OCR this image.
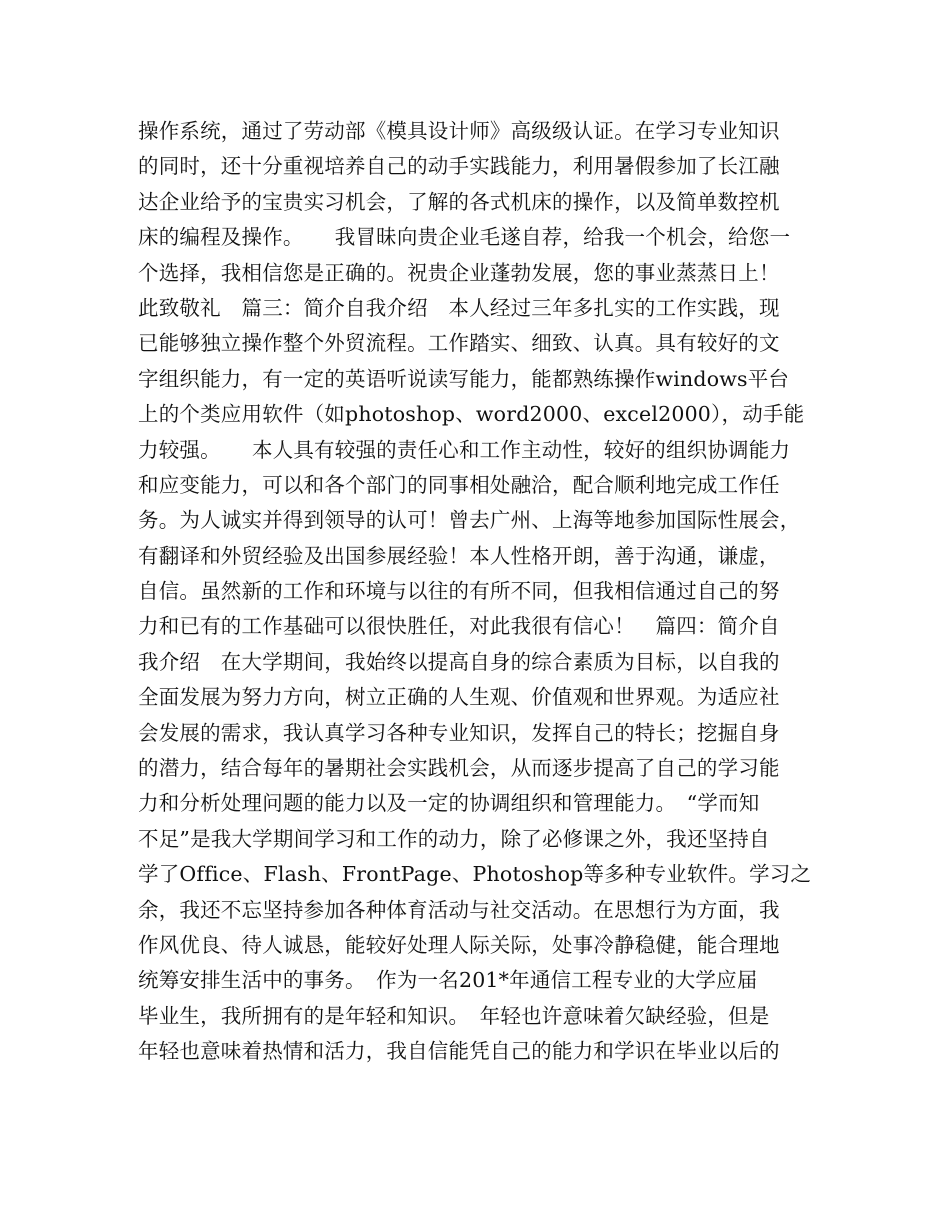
操作系统，通过了劳动部《模具设计师》高级级认证。在学习专业知识
的同时，还十分重视培养自己的动手实践能力，利用暑假参加了长江融
达企业给予的宝贵实习机会，了解的各式机床的操作，以及简单数控机
床的编程及操作。　　我冒昧向贵企业毛遂自荐，给我一个机会，给您一
个选择，我相信您是正确的。祝贵企业蓬勃发展，您的事业蒸蒸日上！
此致敬礼　篇三：简介自我介绍　本人经过三年多扎实的工作实践，现
已能够独立操作整个外贸流程。工作踏实、细致、认真。具有较好的文
字组织能力，有一定的英语听说读写能力，能都熟练操作windows平台
上的个类应用软件（如photoshop、word2000、excel2000），动手能
力较强。　　本人具有较强的责任心和工作主动性，较好的组织协调能力
和应变能力，可以和各个部门的同事相处融洽，配合顺利地完成工作任
务。为人诚实并得到领导的认可！曾去广州、上海等地参加国际性展会，
有翻译和外贸经验及出国参展经验！本人性格开朗，善于沟通，谦虚，
自信。虽然新的工作和环境与以往的有所不同，但我相信通过自己的努
力和已有的工作基础可以很快胜任，对此我很有信心！　篇四：简介自
我介绍　在大学期间，我始终以提高自身的综合素质为目标，以自我的
全面发展为努力方向，树立正确的人生观、价值观和世界观。为适应社
会发展的需求，我认真学习各种专业知识，发挥自己的特长；挖掘自身
的潜力，结合每年的暑期社会实践机会，从而逐步提高了自己的学习能
力和分析处理问题的能力以及一定的协调组织和管理能力。　“学而知
不足”是我大学期间学习和工作的动力，除了必修课之外，我还坚持自
学了Office、Flash、FrontPage、Photoshop等多种专业软件。学习之
余，我还不忘坚持参加各种体育活动与社交活动。在思想行为方面，我
作风优良、待人诚恳，能较好处理人际关际，处事冷静稳健，能合理地
统筹安排生活中的事务。　作为一名201*年通信工程专业的大学应届
毕业生，我所拥有的是年轻和知识。　年轻也许意味着欠缺经验，但是
年轻也意味着热情和活力，我自信能凭自己的能力和学识在毕业以后的
